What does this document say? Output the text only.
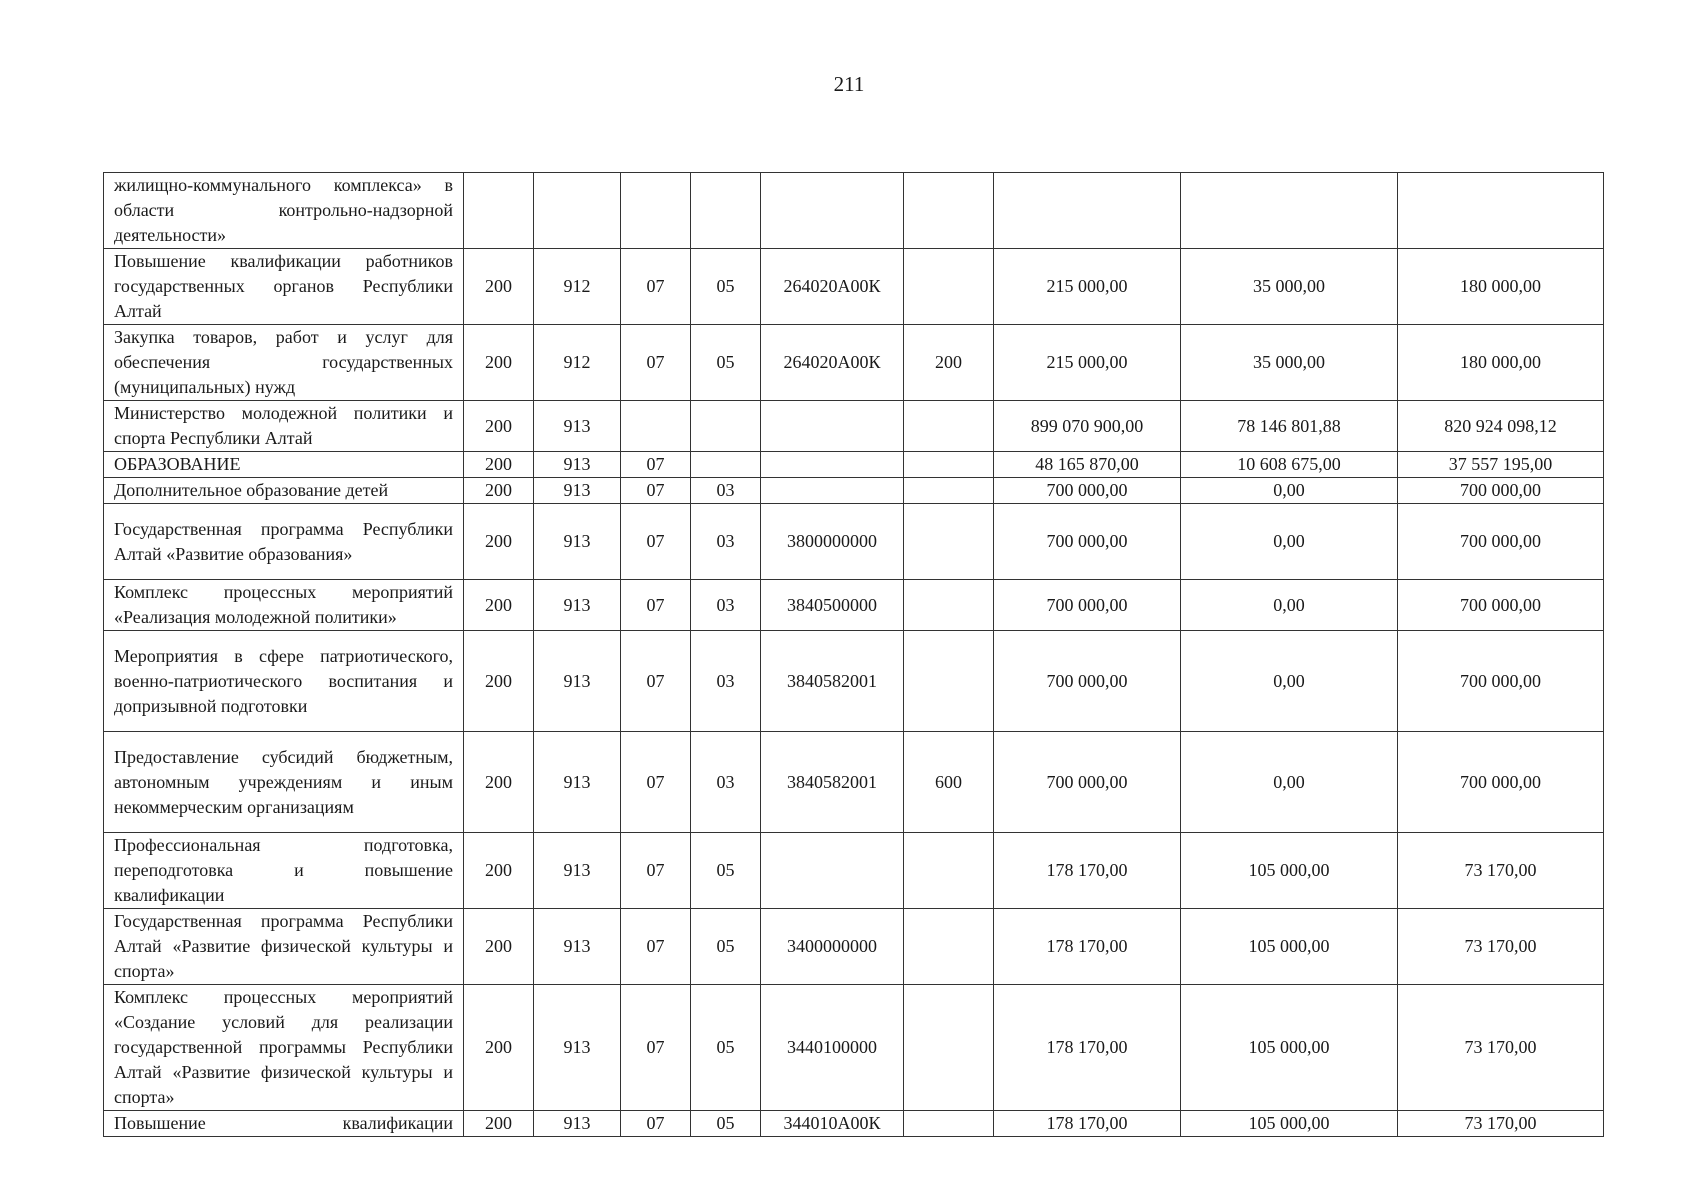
211
жилищно-коммунального комплекса» в области контрольно-надзорной деятельности»									
Повышение квалификации работников государственных органов Республики Алтай	200	912	07	05	264020А00К		215 000,00	35 000,00	180 000,00
Закупка товаров, работ и услуг для обеспечения государственных (муниципальных) нужд	200	912	07	05	264020А00К	200	215 000,00	35 000,00	180 000,00
Министерство молодежной политики и спорта Республики Алтай	200	913					899 070 900,00	78 146 801,88	820 924 098,12
ОБРАЗОВАНИЕ	200	913	07				48 165 870,00	10 608 675,00	37 557 195,00
Дополнительное образование детей	200	913	07	03			700 000,00	0,00	700 000,00
Государственная программа Республики Алтай «Развитие образования»	200	913	07	03	3800000000		700 000,00	0,00	700 000,00
Комплекс процессных мероприятий «Реализация молодежной политики»	200	913	07	03	3840500000		700 000,00	0,00	700 000,00
Мероприятия в сфере патриотического, военно-патриотического воспитания и допризывной подготовки	200	913	07	03	3840582001		700 000,00	0,00	700 000,00
Предоставление субсидий бюджетным, автономным учреждениям и иным некоммерческим организациям	200	913	07	03	3840582001	600	700 000,00	0,00	700 000,00
Профессиональная подготовка, переподготовка и повышение квалификации	200	913	07	05			178 170,00	105 000,00	73 170,00
Государственная программа Республики Алтай «Развитие физической культуры и спорта»	200	913	07	05	3400000000		178 170,00	105 000,00	73 170,00
Комплекс процессных мероприятий «Создание условий для реализации государственной программы Республики Алтай «Развитие физической культуры и спорта»	200	913	07	05	3440100000		178 170,00	105 000,00	73 170,00
Повышение квалификации	200	913	07	05	344010А00К		178 170,00	105 000,00	73 170,00
